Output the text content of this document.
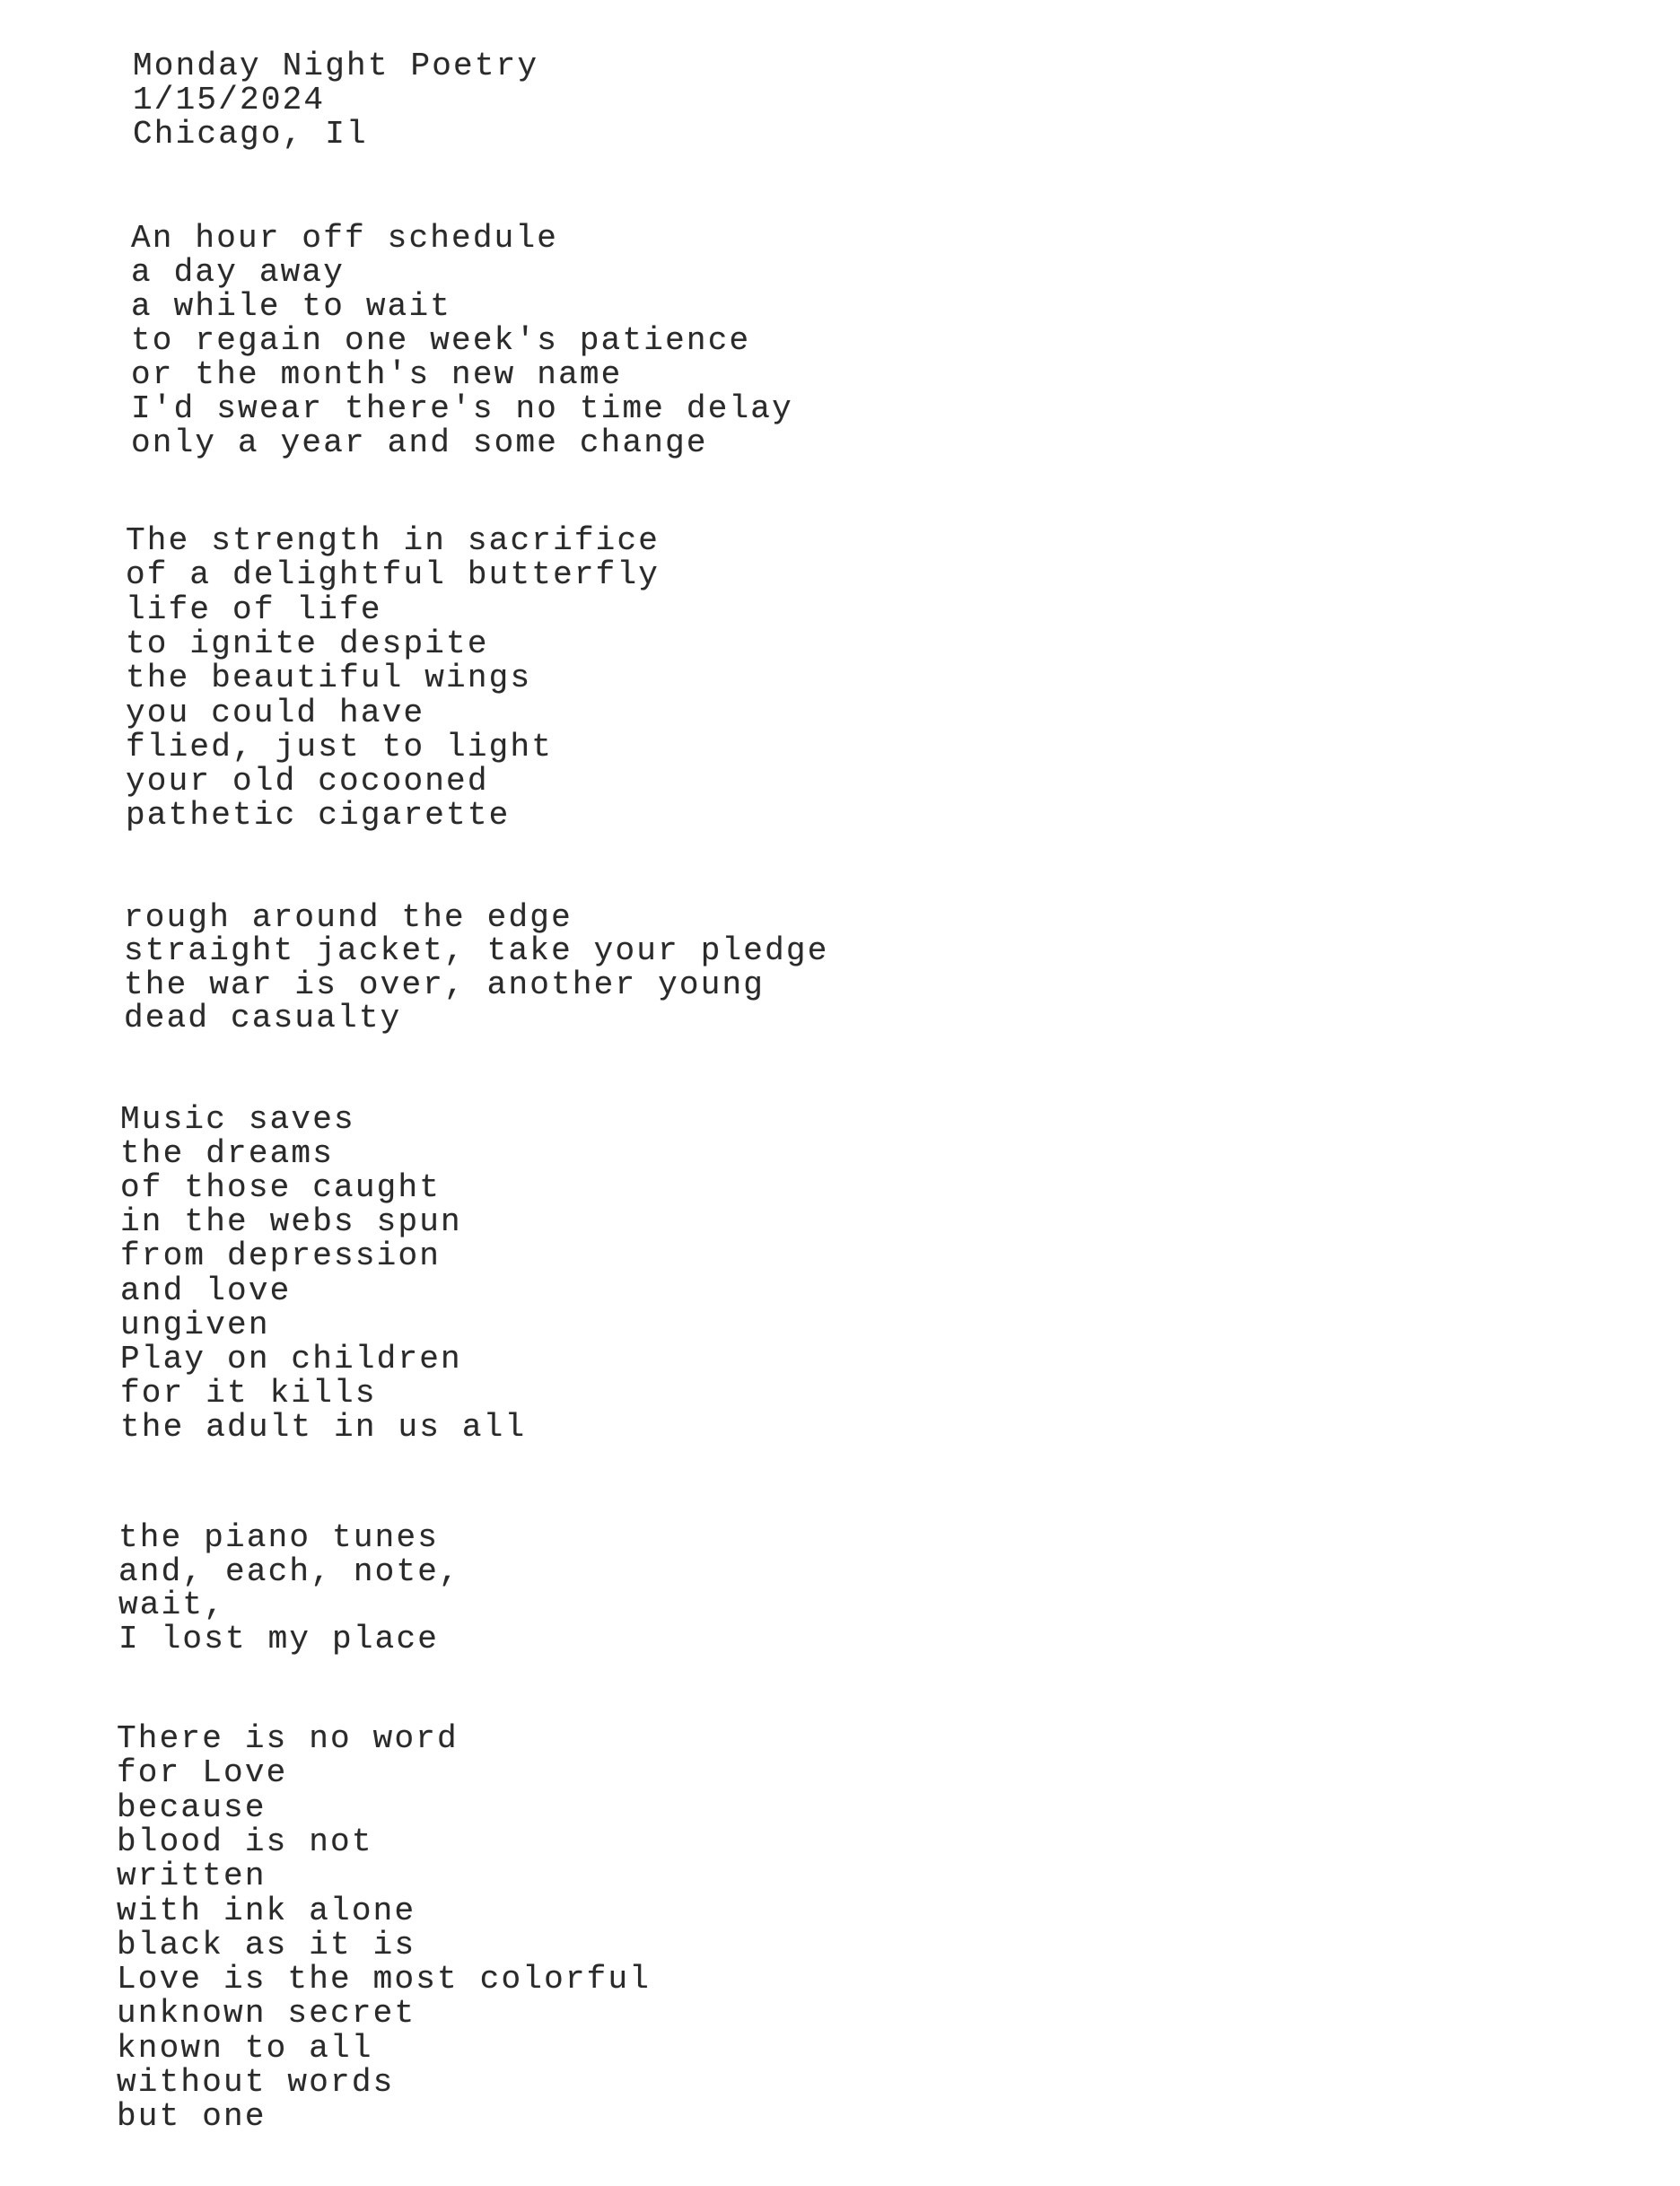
Monday Night Poetry
1/15/2024
Chicago, Il
An hour off schedule
a day away
a while to wait
to regain one week's patience
or the month's new name
I'd swear there's no time delay
only a year and some change
The strength in sacrifice
of a delightful butterfly
life of life
to ignite despite
the beautiful wings
you could have
flied, just to light
your old cocooned
pathetic cigarette
rough around the edge
straight jacket, take your pledge
the war is over, another young
dead casualty
Music saves
the dreams
of those caught
in the webs spun
from depression
and love
ungiven
Play on children
for it kills
the adult in us all
the piano tunes
and, each, note,
wait,
I lost my place
There is no word
for Love
because
blood is not
written
with ink alone
black as it is
Love is the most colorful
unknown secret
known to all
without words
but one
